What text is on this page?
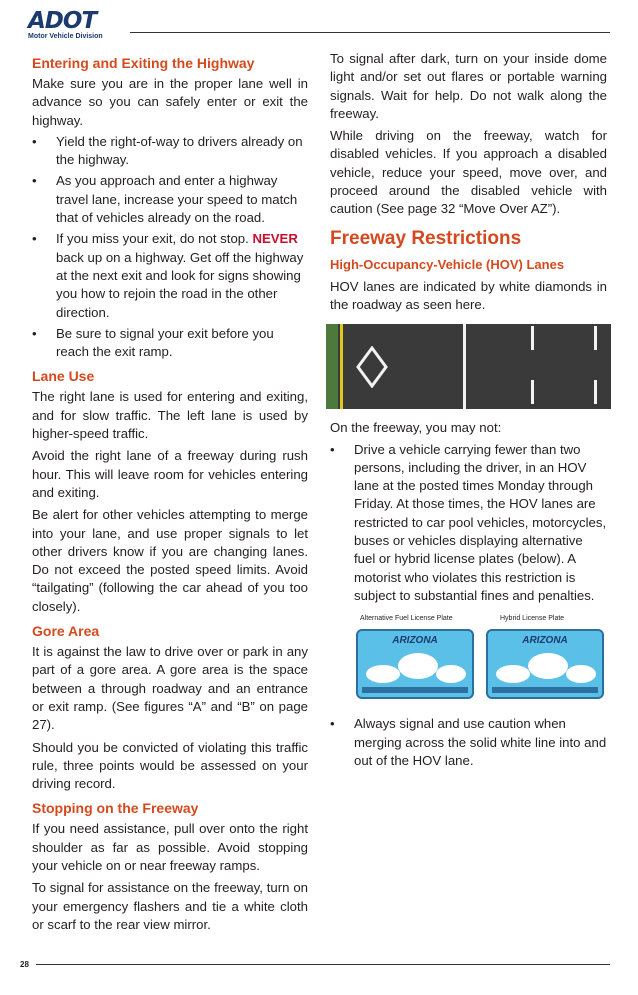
ADOT
Motor Vehicle Division
Entering and Exiting the Highway

Make sure you are in the proper lane well in advance so you can safely enter or exit the highway.

• Yield the right-of-way to drivers already on the highway.
• As you approach and enter a highway travel lane, increase your speed to match that of vehicles already on the road.
• If you miss your exit, do not stop. NEVER back up on a highway. Get off the highway at the next exit and look for signs showing you how to rejoin the road in the other direction.
• Be sure to signal your exit before you reach the exit ramp.
Lane Use

The right lane is used for entering and exiting, and for slow traffic. The left lane is used by higher-speed traffic.

Avoid the right lane of a freeway during rush hour. This will leave room for vehicles entering and exiting.

Be alert for other vehicles attempting to merge into your lane, and use proper signals to let other drivers know if you are changing lanes. Do not exceed the posted speed limits. Avoid “tailgating” (following the car ahead of you too closely).

Gore Area

It is against the law to drive over or park in any part of a gore area. A gore area is the space between a through roadway and an entrance or exit ramp. (See figures “A” and “B” on page 27).

Should you be convicted of violating this traffic rule, three points would be assessed on your driving record.

Stopping on the Freeway

If you need assistance, pull over onto the right shoulder as far as possible. Avoid stopping your vehicle on or near freeway ramps.

To signal for assistance on the freeway, turn on your emergency flashers and tie a white cloth or scarf to the rear view mirror.

To signal after dark, turn on your inside dome light and/or set out flares or portable warning signals. Wait for help. Do not walk along the freeway.

While driving on the freeway, watch for disabled vehicles. If you approach a disabled vehicle, reduce your speed, move over, and proceed around the disabled vehicle with caution (See page 32 “Move Over AZ”).

Freeway Restrictions
High-Occupancy-Vehicle (HOV) Lanes

HOV lanes are indicated by white diamonds in the roadway as seen here.

On the freeway, you may not:

• Drive a vehicle carrying fewer than two persons, including the driver, in an HOV lane at the posted times Monday through Friday. At those times, the HOV lanes are restricted to car pool vehicles, motorcycles, buses or vehicles displaying alternative fuel or hybrid license plates (below). A motorist who violates this restriction is subject to substantial fines and penalties.
Alternative Fuel License Plate	Hybrid License Plate
ARIZONA	ARIZONA
• Always signal and use caution when merging across the solid white line into and out of the HOV lane.
28
